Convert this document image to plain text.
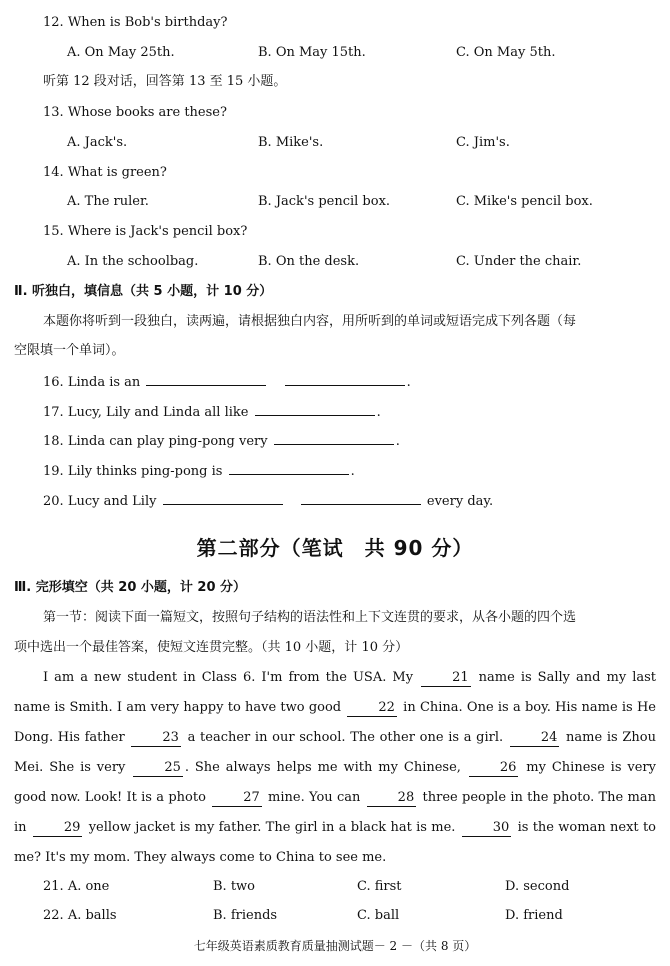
12. When is Bob's birthday?
A. On May 25th.	B. On May 15th.	C. On May 5th.
听第 12 段对话，回答第 13 至 15 小题。
13. Whose books are these?
A. Jack's.	B. Mike's.	C. Jim's.
14. What is green?
A. The ruler.	B. Jack's pencil box.	C. Mike's pencil box.
15. Where is Jack's pencil box?
A. In the schoolbag.	B. On the desk.	C. Under the chair.
Ⅱ. 听独白，填信息（共 5 小题，计 10 分）
本题你将听到一段独白，读两遍，请根据独白内容，用所听到的单词或短语完成下列各题（每
空限填一个单词）。
16. Linda is an	.
17. Lucy, Lily and Linda all like	.
18. Linda can play ping-pong very	.
19. Lily thinks ping-pong is	.
20. Lucy and Lily	every day.
第二部分（笔试　共 90 分）
Ⅲ. 完形填空（共 20 小题，计 20 分）
第一节：阅读下面一篇短文，按照句子结构的语法性和上下文连贯的要求，从各小题的四个选
项中选出一个最佳答案，使短文连贯完整。（共 10 小题，计 10 分）
I am a new student in Class 6. I'm from the USA. My	21 name is Sally and my last name is Smith. I am very happy to have two good	22 in China. One is a boy. His name is He Dong. His father	23 a teacher in our school. The other one is a girl.	24 name is Zhou Mei. She is very	25 . She always helps me with my Chinese,	26 my Chinese is very good now. Look! It is a photo	27 mine. You can	28 three people in the photo. The man in	29 yellow jacket is my father. The girl in a black hat is me.	30 is the woman next to me? It's my mom. They always come to China to see me.
21. A. one	B. two	C. first	D. second
22. A. balls	B. friends	C. ball	D. friend
七年级英语素质教育质量抽测试题－ 2 －（共 8 页）
